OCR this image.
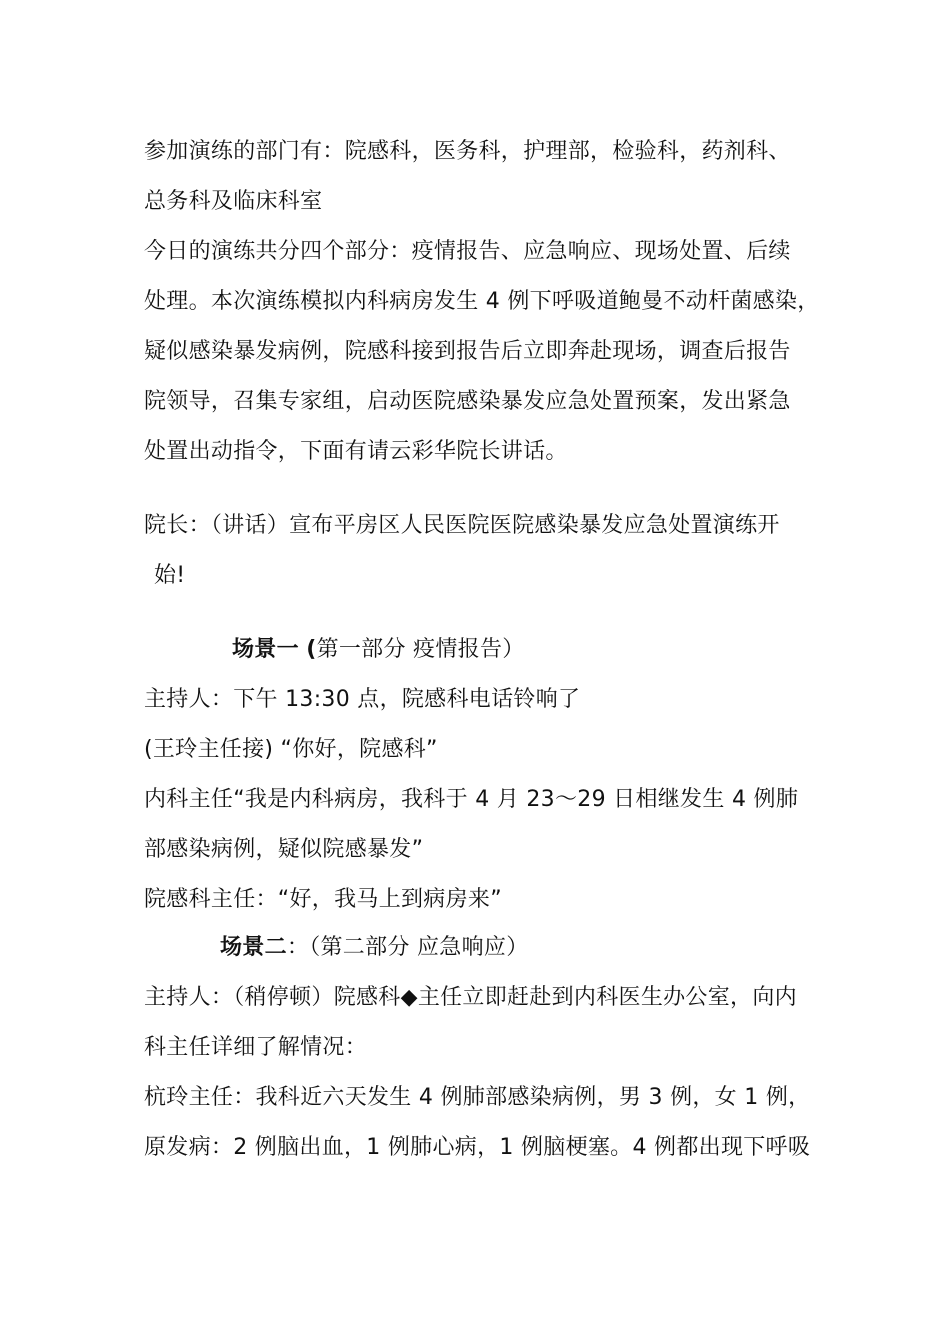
参加演练的部门有：院感科，医务科，护理部，检验科，药剂科、
总务科及临床科室
今日的演练共分四个部分：疫情报告、应急响应、现场处置、后续
处理。本次演练模拟内科病房发生 4 例下呼吸道鲍曼不动杆菌感染，
疑似感染暴发病例，院感科接到报告后立即奔赴现场，调查后报告
院领导，召集专家组，启动医院感染暴发应急处置预案，发出紧急
处置出动指令，下面有请云彩华院长讲话。
院长：（讲话）宣布平房区人民医院医院感染暴发应急处置演练开
始!
场景一 (第一部分 疫情报告）
主持人：下午 13:30 点，院感科电话铃响了
(王玲主任接) “你好，院感科”
内科主任“我是内科病房，我科于 4 月 23～29 日相继发生 4 例肺
部感染病例，疑似院感暴发”
院感科主任：“好，我马上到病房来”
场景二：（第二部分 应急响应）
主持人：（稍停顿）院感科◆主任立即赶赴到内科医生办公室，向内
科主任详细了解情况：
杭玲主任：我科近六天发生 4 例肺部感染病例，男 3 例，女 1 例，
原发病：2 例脑出血，1 例肺心病，1 例脑梗塞。4 例都出现下呼吸
